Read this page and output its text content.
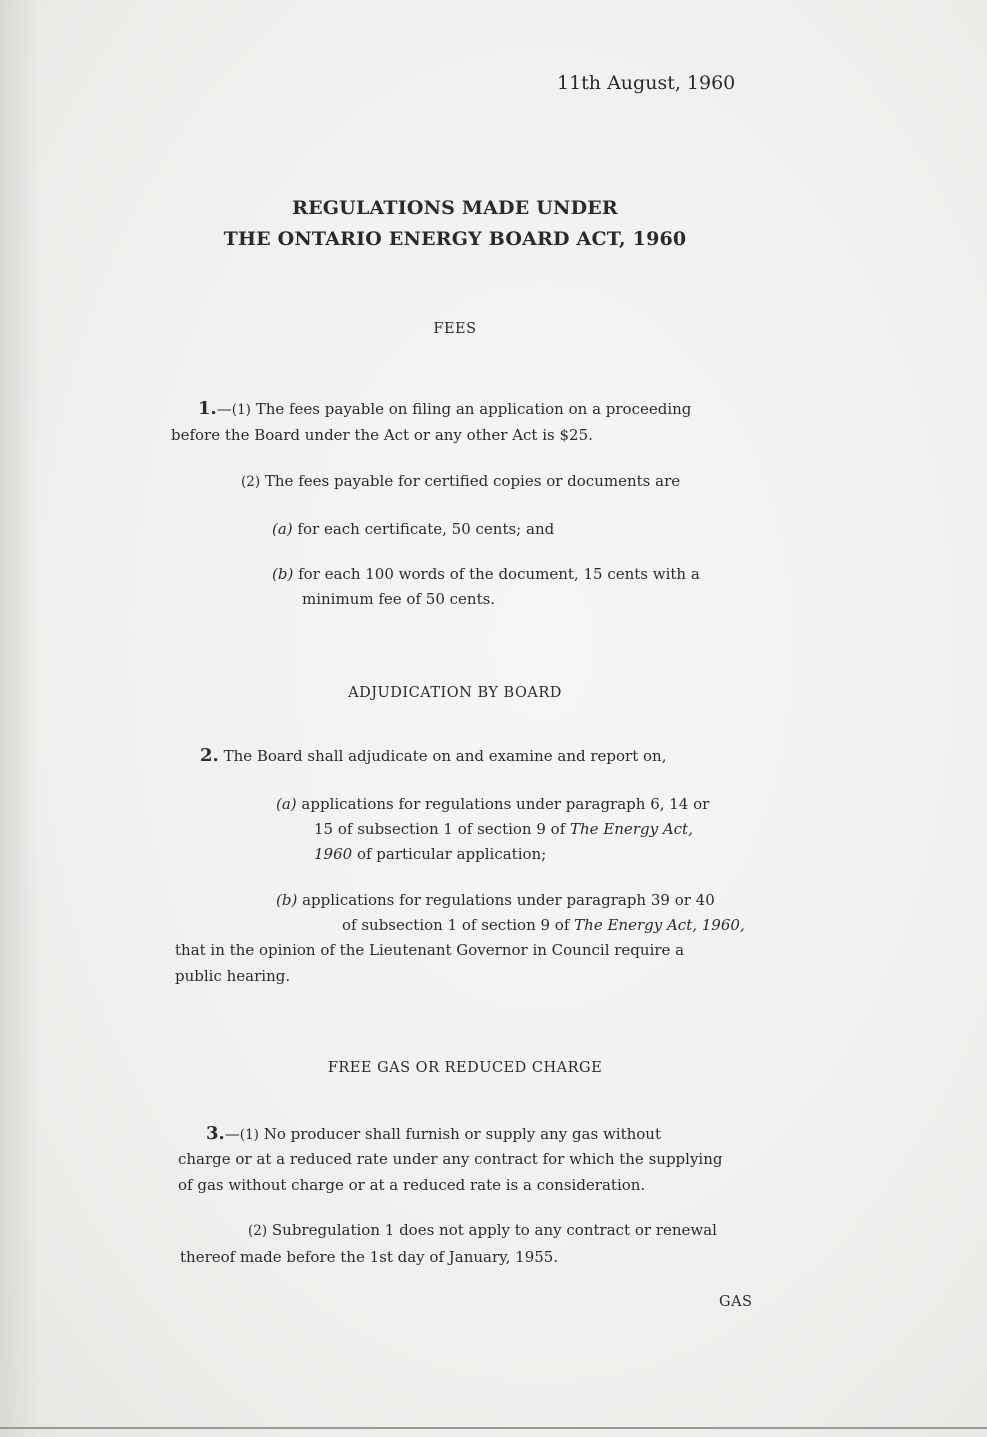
11th August, 1960
REGULATIONS MADE UNDER
THE ONTARIO ENERGY BOARD ACT, 1960
FEES
1.—(1) The fees payable on filing an application on a proceeding
before the Board under the Act or any other Act is $25.
(2) The fees payable for certified copies or documents are
(a) for each certificate, 50 cents; and
(b) for each 100 words of the document, 15 cents with a
minimum fee of 50 cents.
ADJUDICATION BY BOARD
2. The Board shall adjudicate on and examine and report on,
(a) applications for regulations under paragraph 6, 14 or
15 of subsection 1 of section 9 of The Energy Act,
1960 of particular application;
(b) applications for regulations under paragraph 39 or 40
of subsection 1 of section 9 of The Energy Act, 1960,
that in the opinion of the Lieutenant Governor in Council require a
public hearing.
FREE GAS OR REDUCED CHARGE
3.—(1) No producer shall furnish or supply any gas without
charge or at a reduced rate under any contract for which the supplying
of gas without charge or at a reduced rate is a consideration.
(2) Subregulation 1 does not apply to any contract or renewal
thereof made before the 1st day of January, 1955.
GAS
